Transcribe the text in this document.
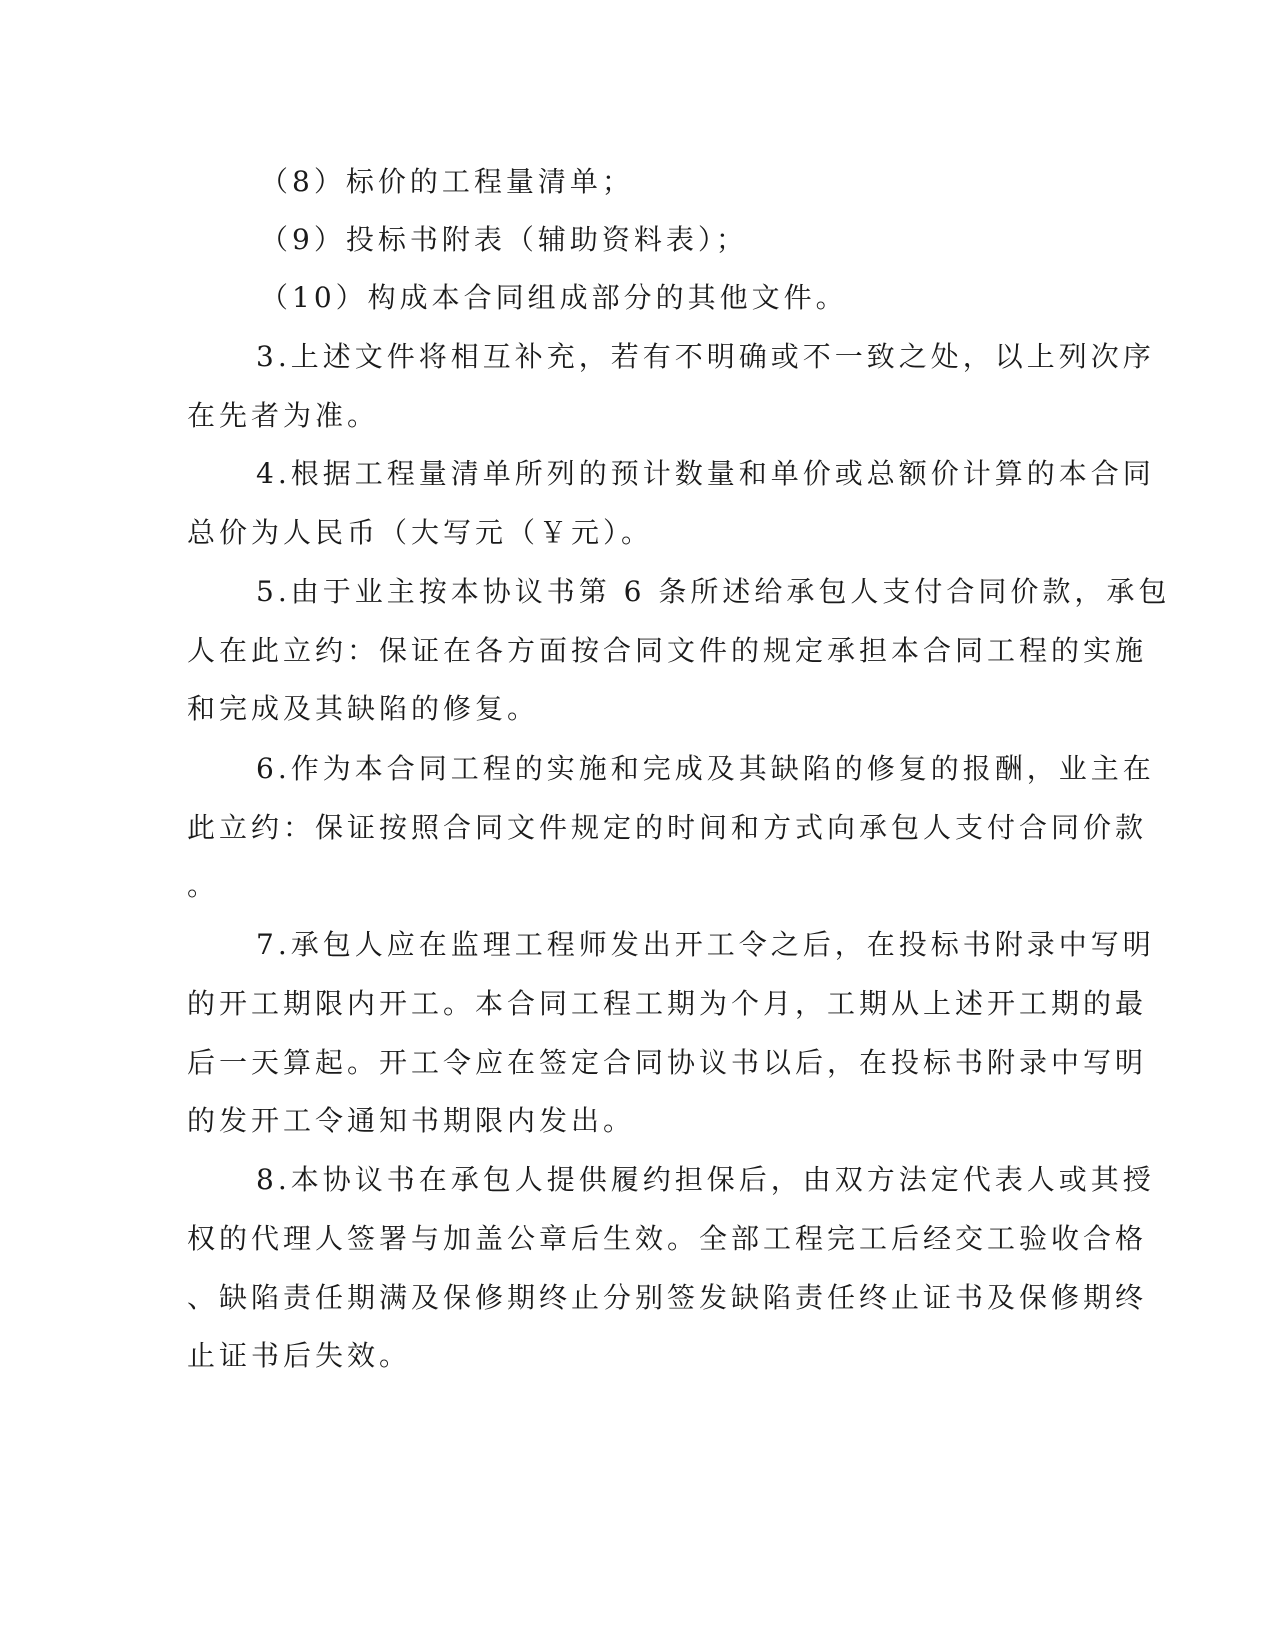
（8）标价的工程量清单；
（9）投标书附表（辅助资料表）；
（10）构成本合同组成部分的其他文件。
3.上述文件将相互补充，若有不明确或不一致之处，以上列次序
在先者为准。
4.根据工程量清单所列的预计数量和单价或总额价计算的本合同
总价为人民币（大写元（￥元）。
5.由于业主按本协议书第 6 条所述给承包人支付合同价款，承包
人在此立约：保证在各方面按合同文件的规定承担本合同工程的实施
和完成及其缺陷的修复。
6.作为本合同工程的实施和完成及其缺陷的修复的报酬，业主在
此立约：保证按照合同文件规定的时间和方式向承包人支付合同价款
。
7.承包人应在监理工程师发出开工令之后，在投标书附录中写明
的开工期限内开工。本合同工程工期为个月，工期从上述开工期的最
后一天算起。开工令应在签定合同协议书以后，在投标书附录中写明
的发开工令通知书期限内发出。
8.本协议书在承包人提供履约担保后，由双方法定代表人或其授
权的代理人签署与加盖公章后生效。全部工程完工后经交工验收合格
、缺陷责任期满及保修期终止分别签发缺陷责任终止证书及保修期终
止证书后失效。
